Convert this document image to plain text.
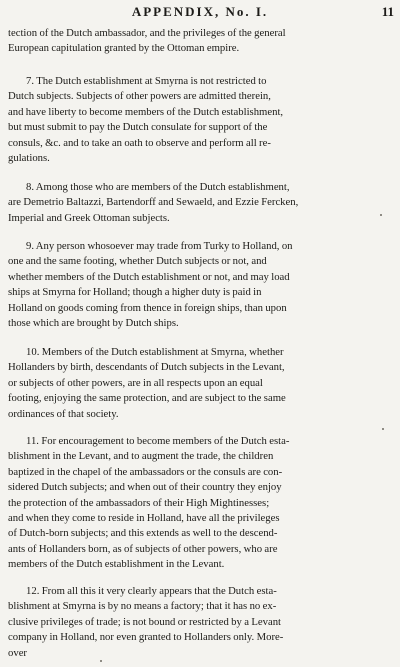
APPENDIX, No. I.	11
tection of the Dutch ambassador, and the privileges of the general
European capitulation granted by the Ottoman empire.
7. The Dutch establishment at Smyrna is not restricted to
Dutch subjects. Subjects of other powers are admitted therein,
and have liberty to become members of the Dutch establishment,
but must submit to pay the Dutch consulate for support of the
consuls, &c. and to take an oath to observe and perform all re-
gulations.
8. Among those who are members of the Dutch establishment,
are Demetrio Baltazzi, Bartendorff and Sewaeld, and Ezzie Fercken,
Imperial and Greek Ottoman subjects.
9. Any person whosoever may trade from Turky to Holland, on
one and the same footing, whether Dutch subjects or not, and
whether members of the Dutch establishment or not, and may load
ships at Smyrna for Holland; though a higher duty is paid in
Holland on goods coming from thence in foreign ships, than upon
those which are brought by Dutch ships.
10. Members of the Dutch establishment at Smyrna, whether
Hollanders by birth, descendants of Dutch subjects in the Levant,
or subjects of other powers, are in all respects upon an equal
footing, enjoying the same protection, and are subject to the same
ordinances of that society.
11. For encouragement to become members of the Dutch esta-
blishment in the Levant, and to augment the trade, the children
baptized in the chapel of the ambassadors or the consuls are con-
sidered Dutch subjects; and when out of their country they enjoy
the protection of the ambassadors of their High Mightinesses;
and when they come to reside in Holland, have all the privileges
of Dutch-born subjects; and this extends as well to the descend-
ants of Hollanders born, as of subjects of other powers, who are
members of the Dutch establishment in the Levant.
12. From all this it very clearly appears that the Dutch esta-
blishment at Smyrna is by no means a factory; that it has no ex-
clusive privileges of trade; is not bound or restricted by a Levant
company in Holland, nor even granted to Hollanders only. More-
over
